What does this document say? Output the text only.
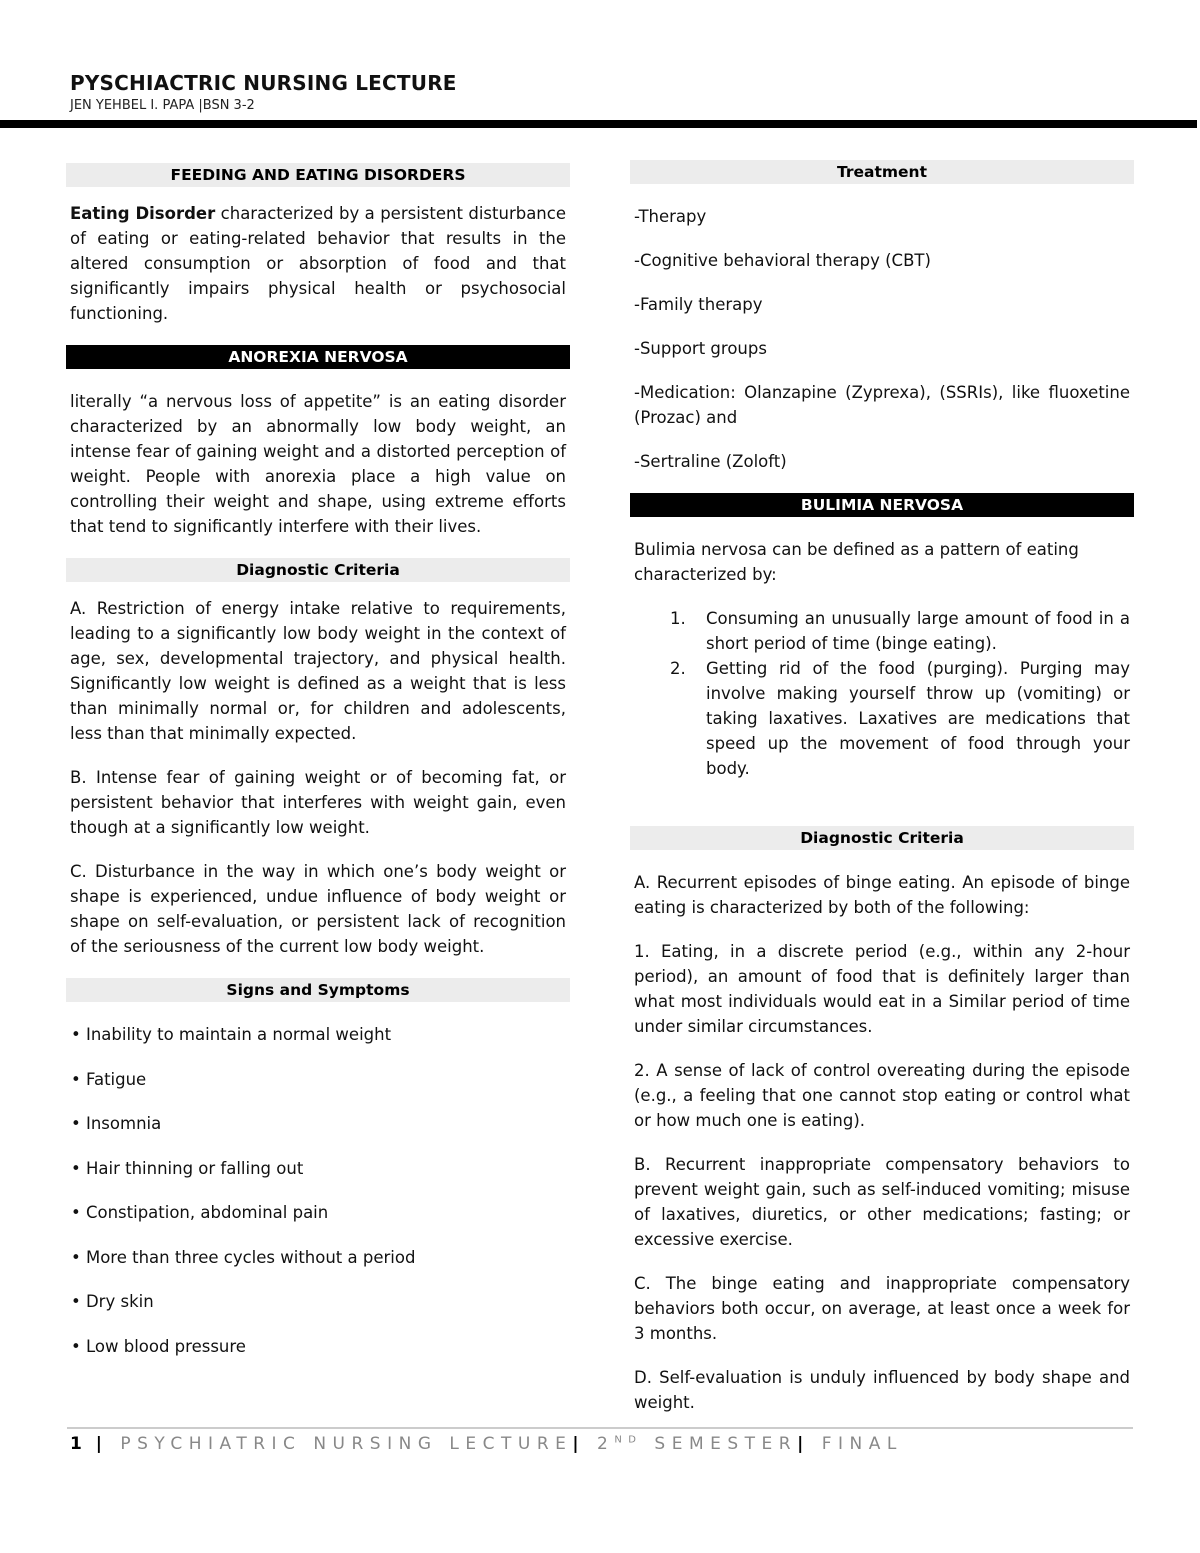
PYSCHIACTRIC NURSING LECTURE
JEN YEHBEL I. PAPA |BSN 3-2
FEEDING AND EATING DISORDERS

Eating Disorder characterized by a persistent disturbance of eating or eating-related behavior that results in the altered consumption or absorption of food and that significantly impairs physical health or psychosocial functioning.

ANOREXIA NERVOSA

literally “a nervous loss of appetite” is an eating disorder characterized by an abnormally low body weight, an intense fear of gaining weight and a distorted perception of weight. People with anorexia place a high value on controlling their weight and shape, using extreme efforts that tend to significantly interfere with their lives.

Diagnostic Criteria

A. Restriction of energy intake relative to requirements, leading to a significantly low body weight in the context of age, sex, developmental trajectory, and physical health. Significantly low weight is defined as a weight that is less than minimally normal or, for children and adolescents, less than that minimally expected.

B. Intense fear of gaining weight or of becoming fat, or persistent behavior that interferes with weight gain, even though at a significantly low weight.

C. Disturbance in the way in which one’s body weight or shape is experienced, undue influence of body weight or shape on self-evaluation, or persistent lack of recognition of the seriousness of the current low body weight.

Signs and Symptoms
• Inability to maintain a normal weight
• Fatigue
• Insomnia
• Hair thinning or falling out
• Constipation, abdominal pain
• More than three cycles without a period
• Dry skin
• Low blood pressure
Treatment

-Therapy

-Cognitive behavioral therapy (CBT)

-Family therapy

-Support groups

-Medication: Olanzapine (Zyprexa), (SSRIs), like fluoxetine (Prozac) and

-Sertraline (Zoloft)

BULIMIA NERVOSA

Bulimia nervosa can be defined as a pattern of eating characterized by:

1.	Consuming an unusually large amount of food in a short period of time (binge eating).
2.	Getting rid of the food (purging). Purging may involve making yourself throw up (vomiting) or taking laxatives. Laxatives are medications that speed up the movement of food through your body.
Diagnostic Criteria

A. Recurrent episodes of binge eating. An episode of binge eating is characterized by both of the following:

1. Eating, in a discrete period (e.g., within any 2-hour period), an amount of food that is definitely larger than what most individuals would eat in a Similar period of time under similar circumstances.

2. A sense of lack of control overeating during the episode (e.g., a feeling that one cannot stop eating or control what or how much one is eating).

B. Recurrent inappropriate compensatory behaviors to prevent weight gain, such as self-induced vomiting; misuse of laxatives, diuretics, or other medications; fasting; or excessive exercise.

C. The binge eating and inappropriate compensatory behaviors both occur, on average, at least once a week for 3 months.

D. Self-evaluation is unduly influenced by body shape and weight.

1 | PSYCHIATRIC NURSING LECTURE| 2ND SEMESTER| FINAL
